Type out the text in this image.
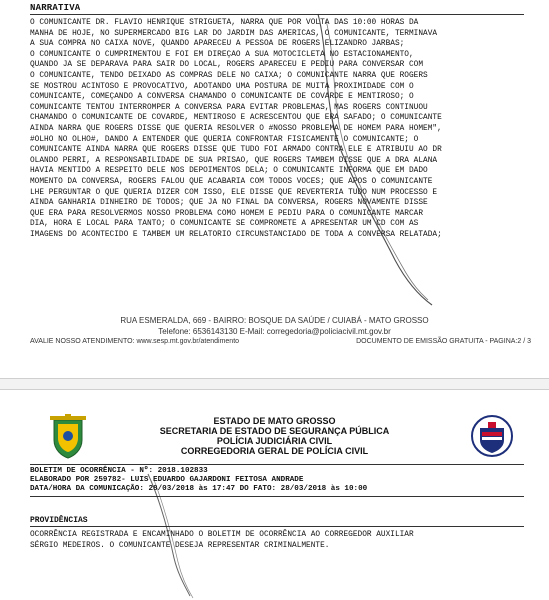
NARRATIVA
O COMUNICANTE DR. FLÁVIO HENRIQUE STRIGUETA, NARRA QUE POR VOLTA DAS 10:00 HORAS DA
MANHÃ DE HOJE, NO SUPERMERCADO BIG LAR DO JARDIM DAS AMÉRICAS, O COMUNICANTE, TERMINAVA
A SUA COMPRA NO CAIXA NOVE, QUANDO APARECEU A PESSOA DE ROGERS ELIZANDRO JARBAS;
O COMUNICANTE O CUMPRIMENTOU E FOI EM DIREÇÃO A SUA MOTOCICLETA NO ESTACIONAMENTO,
QUANDO JÁ SE DEPARAVA PARA SAIR DO LOCAL, ROGERS APARECEU E PEDIU PARA CONVERSAR COM
O COMUNICANTE, TENDO DEIXADO AS COMPRAS DELE NO CAIXA; O COMUNICANTE NARRA QUE ROGERS
SE MOSTROU ACINTOSO E PROVOCATIVO, ADOTANDO UMA POSTURA DE MUITA PROXIMIDADE COM O
COMUNICANTE, COMEÇANDO A CONVERSA CHAMANDO O COMUNICANTE DE COVARDE E MENTIROSO; O
COMUNICANTE TENTOU INTERROMPER A CONVERSA PARA EVITAR PROBLEMAS, MAS ROGERS CONTINUOU
CHAMANDO O COMUNICANTE DE COVARDE, MENTIROSO E ACRESCENTOU QUE ERA SAFADO; O COMUNICANTE
AINDA NARRA QUE ROGERS DISSE QUE QUERIA RESOLVER O #NOSSO PROBLEMA DE HOMEM PARA HOMEM",
#OLHO NO OLHO#, DANDO A ENTENDER QUE QUERIA CONFRONTAR FISICAMENTE O COMUNICANTE; O
COMUNICANTE AINDA NARRA QUE ROGERS DISSE QUE TUDO FOI ARMADO CONTRA ELE E ATRIBUIU AO DR
OLANDO PERRI, A RESPONSABILIDADE DE SUA PRISÃO, QUE ROGERS TAMBÉM DISSE QUE A DRA ALANA
HAVIA MENTIDO A RESPEITO DELE NOS DEPOIMENTOS DELA; O COMUNICANTE INFORMA QUE EM DADO
MOMENTO DA CONVERSA, ROGERS FALOU QUE ACABARIA COM TODOS VOCÊS; QUE APÓS O COMUNICANTE
LHE PERGUNTAR O QUE QUERIA DIZER COM ISSO, ELE DISSE QUE REVERTERIA TUDO NUM PROCESSO E
AINDA GANHARIA DINHEIRO DE TODOS; QUE JÁ NO FINAL DA CONVERSA, ROGERS NOVAMENTE DISSE
QUE ERA PARA RESOLVERMOS NOSSO PROBLEMA COMO HOMEM E PEDIU PARA O COMUNICANTE MARCAR
DIA, HORA E LOCAL PARA TANTO; O COMUNICANTE SE COMPROMETE A APRESENTAR UM CD COM AS
IMAGENS DO ACONTECIDO E TAMBÉM UM RELATÓRIO CIRCUNSTANCIADO DE TODA A CONVERSA RELATADA;
RUA ESMERALDA, 669 - BAIRRO: BOSQUE DA SAÚDE / CUIABÁ - MATO GROSSO
Telefone: 6536143130 E-Mail: corregedoria@policiacivil.mt.gov.br
AVALIE NOSSO ATENDIMENTO: www.sesp.mt.gov.br/atendimento	DOCUMENTO DE EMISSÃO GRATUITA - PAGINA:2 / 3
ESTADO DE MATO GROSSO
SECRETARIA DE ESTADO DE SEGURANÇA PÚBLICA
POLÍCIA JUDICIÁRIA CIVIL
CORREGEDORIA GERAL DE POLÍCIA CIVIL
BOLETIM DE OCORRÊNCIA - Nº: 2018.102833
ELABORADO POR 259782- LUIS EDUARDO GAJARDONI FEITOSA ANDRADE
DATA/HORA DA COMUNICAÇÃO: 28/03/2018 às 17:47 DO FATO: 28/03/2018 às 10:00
PROVIDÊNCIAS
OCORRÊNCIA REGISTRADA E ENCAMINHADO O BOLETIM DE OCORRÊNCIA AO CORREGEDOR AUXILIAR
SÉRGIO MEDEIROS. O COMUNICANTE DESEJA REPRESENTAR CRIMINALMENTE.
